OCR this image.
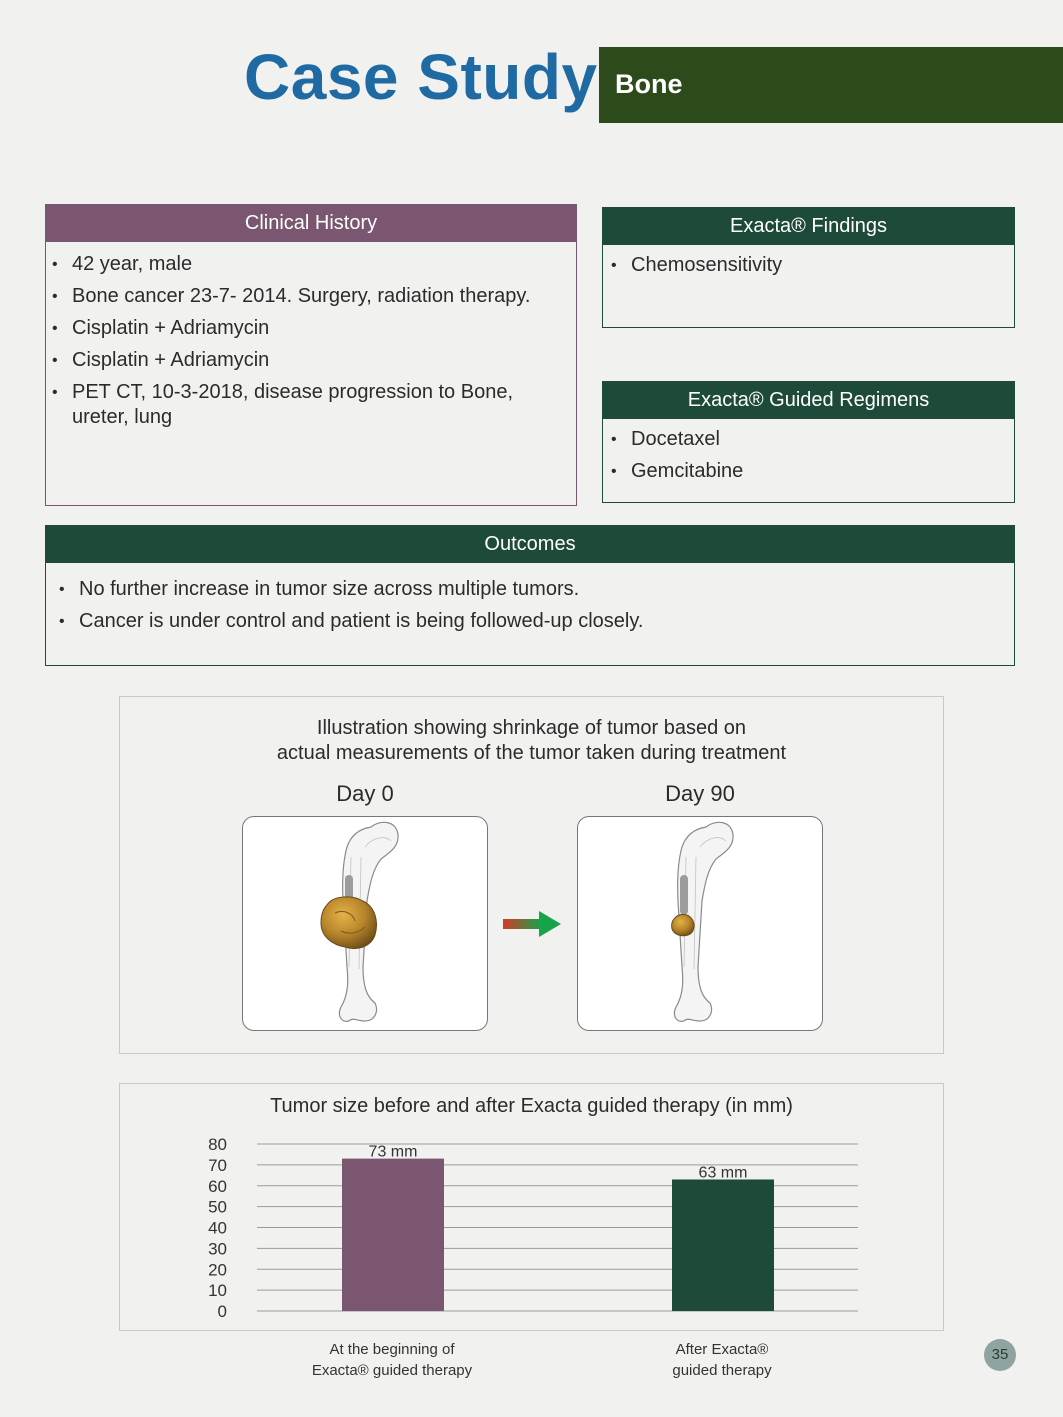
Case Study Bone
Clinical History
• 42 year, male
• Bone cancer 23-7- 2014. Surgery, radiation therapy.
• Cisplatin + Adriamycin
• Cisplatin + Adriamycin
• PET CT, 10-3-2018, disease progression to Bone, ureter, lung
Exacta® Findings
• Chemosensitivity
Exacta® Guided Regimens
• Docetaxel
• Gemcitabine
Outcomes
• No further increase in tumor size across multiple tumors.
• Cancer is under control and patient is being followed-up closely.
Illustration showing shrinkage of tumor based on
actual measurements of the tumor taken during treatment
Day 0	Day 90
Tumor size before and after Exacta guided therapy (in mm)
0
10
20
30
40
50
60
70
80	73 mm
63 mm
At the beginning of
Exacta® guided therapy
After Exacta®
guided therapy
35
